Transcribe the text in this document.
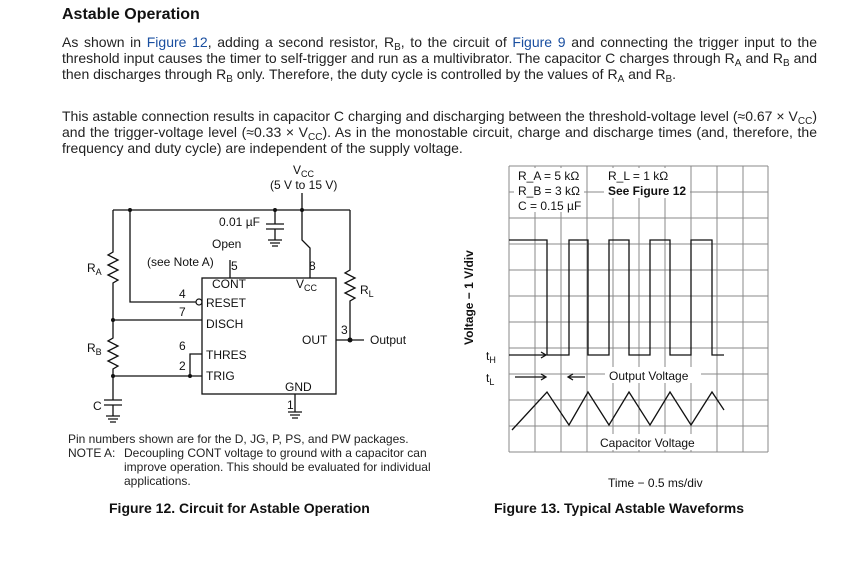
Astable Operation

As shown in Figure 12, adding a second resistor, $R_B$, to the circuit of Figure 9 and connecting the trigger input to the threshold input causes the timer to self-trigger and run as a multivibrator. The capacitor C charges through $R_A$ and $R_B$ and then discharges through $R_B$ only. Therefore, the duty cycle is controlled by the values of $R_A$ and $R_B$.

This astable connection results in capacitor C charging and discharging between the threshold-voltage level $(\approx 0.67 \times V_{CC})$ and the trigger-voltage level $(\approx 0.33 \times V_{CC})$. As in the monostable circuit, charge and discharge times (and, therefore, the frequency and duty cycle) are independent of the supply voltage.

$V_{CC}$
(5 V to 15 V)
0.01 µF
$R_A$
$R_B$
C
Open
(see Note A)
$R_L$
5	8
4
7
6
2
3
1
CONT	$V_{CC}$
RESET
DISCH
OUT
THRES
TRIG
GND
Output
Pin numbers shown are for the D, JG, P, PS, and PW packages.
NOTE A: Decoupling CONT voltage to ground with a capacitor can improve operation. This should be evaluated for individual applications.
R_A = 5 kΩ
R_B = 3 kΩ
C = 0.15 µF
R_L = 1 kΩ
See Figure 12
$t_H$
$t_L$	Output Voltage
Capacitor Voltage
Voltage − 1 V/div
Time − 0.5 ms/div
Figure 12. Circuit for Astable Operation	Figure 13. Typical Astable Waveforms
